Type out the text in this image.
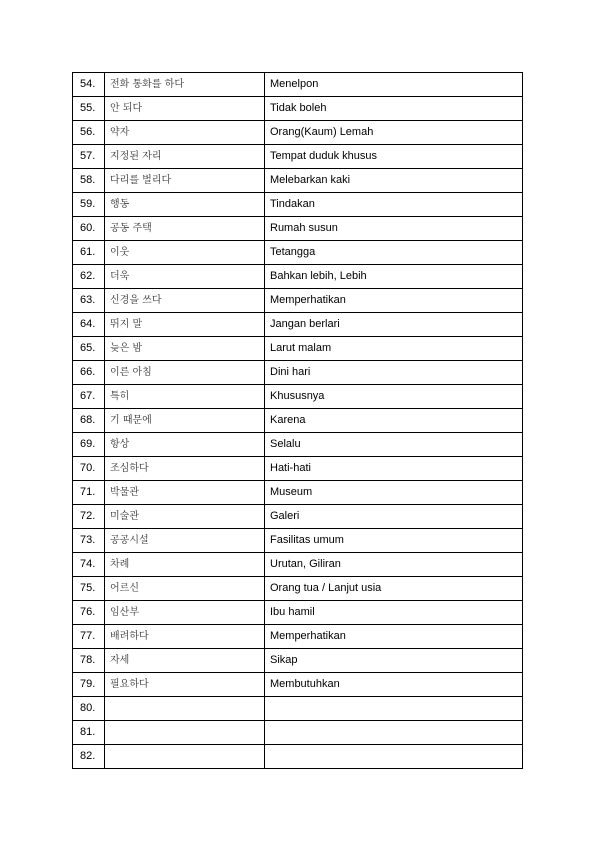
54.	전화 통화를 하다	Menelpon
55.	안 되다	Tidak boleh
56.	약자	Orang(Kaum) Lemah
57.	지정된 자리	Tempat duduk khusus
58.	다리를 벌리다	Melebarkan kaki
59.	행동	Tindakan
60.	공동 주택	Rumah susun
61.	이웃	Tetangga
62.	더욱	Bahkan lebih, Lebih
63.	신경을 쓰다	Memperhatikan
64.	뛰지 말	Jangan berlari
65.	늦은 밤	Larut malam
66.	이른 아침	Dini hari
67.	특히	Khususnya
68.	기 때문에	Karena
69.	항상	Selalu
70.	조심하다	Hati-hati
71.	박물관	Museum
72.	미술관	Galeri
73.	공공시설	Fasilitas umum
74.	차례	Urutan, Giliran
75.	어르신	Orang tua / Lanjut usia
76.	임산부	Ibu hamil
77.	배려하다	Memperhatikan
78.	자세	Sikap
79.	필요하다	Membutuhkan
80.		
81.		
82.		
